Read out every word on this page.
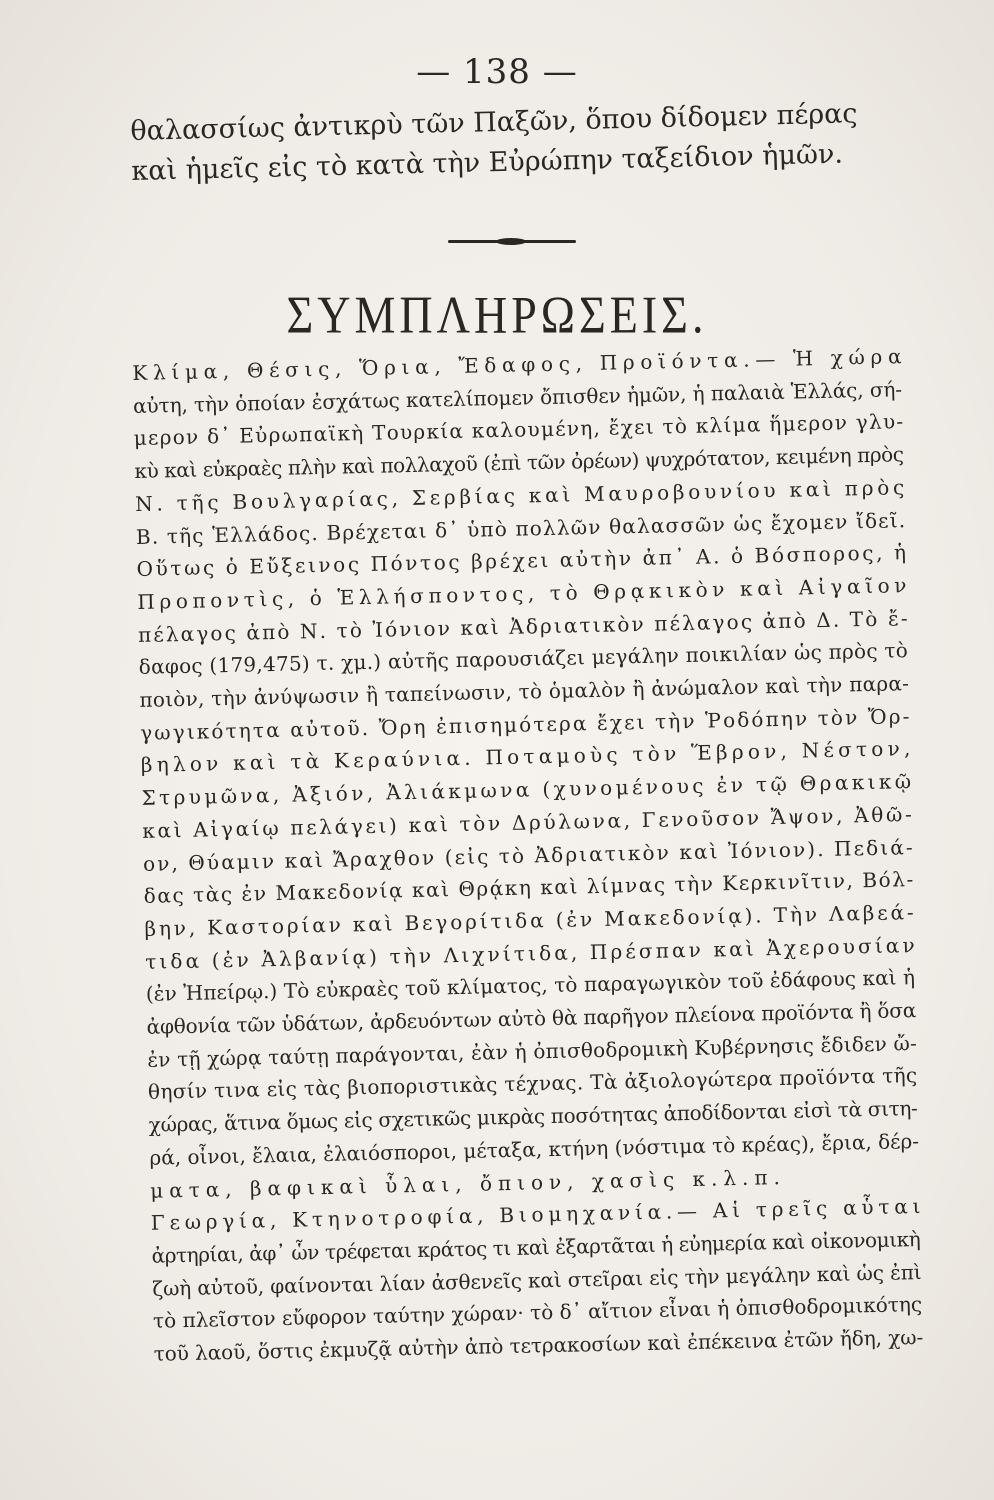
— 138 —
θαλασσίως ἀντικρὺ τῶν Παξῶν, ὅπου δίδομεν πέρας
καὶ ἡμεῖς εἰς τὸ κατὰ τὴν Εὐρώπην ταξείδιον ἡμῶν.
ΣΥΜΠΛΗΡΩΣΕΙΣ.
Κλίμα, Θέσις, Ὅρια, Ἔδαφος, Προϊόντα.— Ἡ χώρα
αὐτη, τὴν ὁποίαν ἐσχάτως κατελίπομεν ὄπισθεν ἡμῶν, ἡ παλαιὰ Ἑλλάς, σή-
μερον δ᾿ Εὐρωπαϊκὴ Τουρκία καλουμένη, ἔχει τὸ κλίμα ἥμερον γλυ-
κὺ καὶ εὐκραὲς πλὴν καὶ πολλαχοῦ (ἐπὶ τῶν ὀρέων) ψυχρότατον, κειμένη πρὸς
Ν. τῆς Βουλγαρίας, Σερβίας καὶ Μαυροβουνίου καὶ πρὸς
Β. τῆς Ἑλλάδος. Βρέχεται δ᾿ ὑπὸ πολλῶν θαλασσῶν ὡς ἔχομεν ἴδεῖ.
Οὕτως ὁ Εὔξεινος Πόντος βρέχει αὐτὴν ἀπ᾿ Α. ὁ Βόσπορος, ἡ
Προποντὶς, ὁ Ἑλλήσποντος, τὸ Θρᾳκικὸν καὶ Αἰγαῖον
πέλαγος ἀπὸ Ν. τὸ Ἰόνιον καὶ Ἀδριατικὸν πέλαγος ἀπὸ Δ. Τὸ ἔ-
δαφος (179,475) τ. χμ.) αὐτῆς παρουσιάζει μεγάλην ποικιλίαν ὡς πρὸς τὸ
ποιὸν, τὴν ἀνύψωσιν ἢ ταπείνωσιν, τὸ ὁμαλὸν ἢ ἀνώμαλον καὶ τὴν παρα-
γωγικότητα αὐτοῦ. Ὄρη ἐπισημότερα ἔχει τὴν Ῥοδόπην τὸν Ὄρ-
βηλον καὶ τὰ Κεραύνια. Ποταμοὺς τὸν Ἕβρον, Νέστον,
Στρυμῶνα, Ἀξιόν, Ἀλιάκμωνα (χυνομένους ἐν τῷ Θρακικῷ
καὶ Αἰγαίῳ πελάγει) καὶ τὸν Δρύλωνα, Γενοῦσον Ἄψον, Ἀθῶ-
ον, Θύαμιν καὶ Ἄραχθον (εἰς τὸ Ἀδριατικὸν καὶ Ἰόνιον). Πεδιά-
δας τὰς ἐν Μακεδονίᾳ καὶ Θρᾴκη καὶ λίμνας τὴν Κερκινῖτιν, Βόλ-
βην, Καστορίαν καὶ Βεγορίτιδα (ἐν Μακεδονίᾳ). Τὴν Λαβεά-
τιδα (ἐν Ἀλβανίᾳ) τὴν Λιχνίτιδα, Πρέσπαν καὶ Ἀχερουσίαν
(ἐν Ἠπείρῳ.) Τὸ εὐκραὲς τοῦ κλίματος, τὸ παραγωγικὸν τοῦ ἐδάφους καὶ ἡ
ἀφθονία τῶν ὑδάτων, ἀρδευόντων αὐτὸ θὰ παρῆγον πλείονα προϊόντα ἢ ὅσα
ἐν τῇ χώρᾳ ταύτῃ παράγονται, ἐὰν ἡ ὀπισθοδρομικὴ Κυβέρνησις ἔδιδεν ὤ-
θησίν τινα εἰς τὰς βιοποριστικὰς τέχνας. Τὰ ἀξιολογώτερα προϊόντα τῆς
χώρας, ἅτινα ὅμως εἰς σχετικῶς μικρὰς ποσότητας ἀποδίδονται εἰσὶ τὰ σιτη-
ρά, οἶνοι, ἔλαια, ἐλαιόσποροι, μέταξα, κτήνη (νόστιμα τὸ κρέας), ἔρια, δέρ-
ματα, βαφικαὶ ὗλαι, ὄπιον, χασὶς κ.λ.π.
Γεωργία, Κτηνοτροφία, Βιομηχανία.— Αἱ τρεῖς αὗται
ἀρτηρίαι, ἀφ᾿ ὧν τρέφεται κράτος τι καὶ ἐξαρτᾶται ἡ εὐημερία καὶ οἰκονομικὴ
ζωὴ αὐτοῦ, φαίνονται λίαν ἀσθενεῖς καὶ στεῖραι εἰς τὴν μεγάλην καὶ ὡς ἐπὶ
τὸ πλεῖστον εὔφορον ταύτην χώραν· τὸ δ᾿ αἴτιον εἶναι ἡ ὀπισθοδρομικότης
τοῦ λαοῦ, ὅστις ἐκμυζᾷ αὐτὴν ἀπὸ τετρακοσίων καὶ ἐπέκεινα ἐτῶν ἤδη, χω-
